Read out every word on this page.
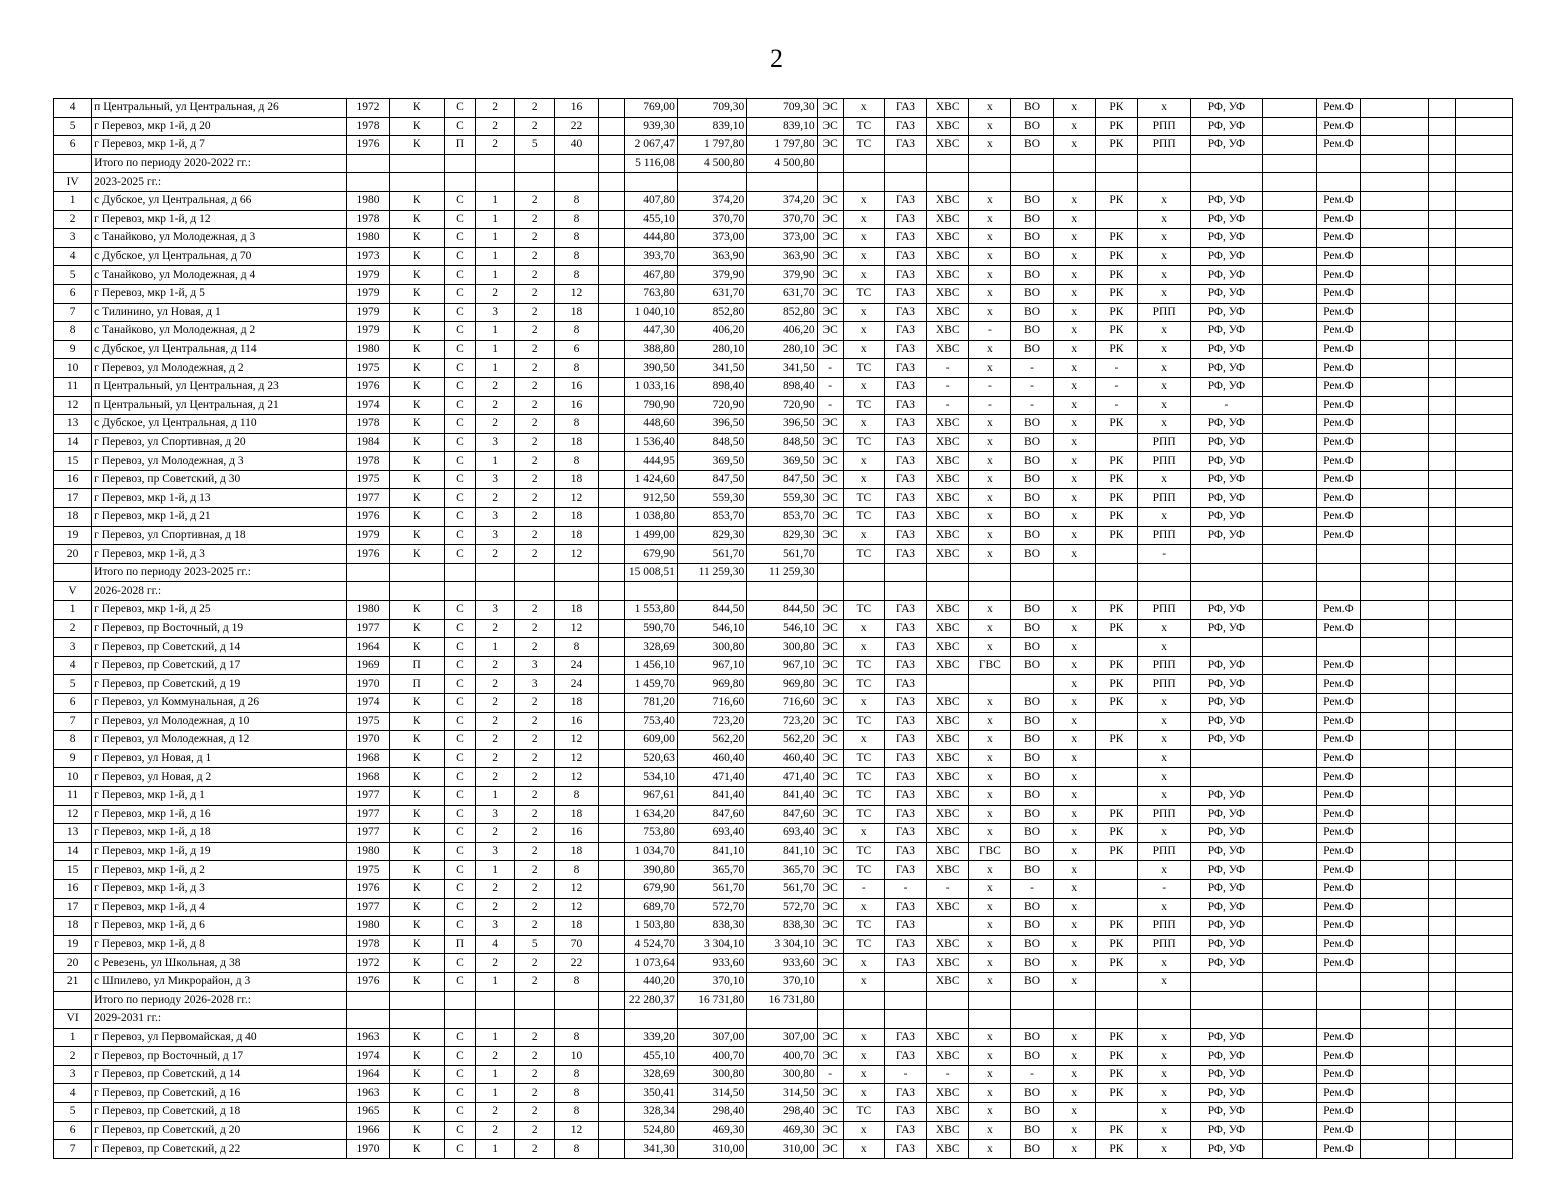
2
4	п Центральный, ул Центральная, д 26	1972	К	С	2	2	16		769,00	709,30	709,30	ЭС	х	ГАЗ	ХВС	х	ВО	х	РК	х	РФ, УФ		Рем.Ф			
5	г Перевоз, мкр 1-й, д 20	1978	К	С	2	2	22		939,30	839,10	839,10	ЭС	ТС	ГАЗ	ХВС	х	ВО	х	РК	РПП	РФ, УФ		Рем.Ф			
6	г Перевоз, мкр 1-й, д 7	1976	К	П	2	5	40		2 067,47	1 797,80	1 797,80	ЭС	ТС	ГАЗ	ХВС	х	ВО	х	РК	РПП	РФ, УФ		Рем.Ф			
	Итого по периоду 2020-2022 гг.:								5 116,08	4 500,80	4 500,80															
IV	2023-2025 гг.:																									
1	с Дубское, ул Центральная, д 66	1980	К	С	1	2	8		407,80	374,20	374,20	ЭС	х	ГАЗ	ХВС	х	ВО	х	РК	х	РФ, УФ		Рем.Ф			
2	г Перевоз, мкр 1-й, д 12	1978	К	С	1	2	8		455,10	370,70	370,70	ЭС	х	ГАЗ	ХВС	х	ВО	х		х	РФ, УФ		Рем.Ф			
3	с Танайково, ул Молодежная, д 3	1980	К	С	1	2	8		444,80	373,00	373,00	ЭС	х	ГАЗ	ХВС	х	ВО	х	РК	х	РФ, УФ		Рем.Ф			
4	с Дубское, ул Центральная, д 70	1973	К	С	1	2	8		393,70	363,90	363,90	ЭС	х	ГАЗ	ХВС	х	ВО	х	РК	х	РФ, УФ		Рем.Ф			
5	с Танайково, ул Молодежная, д 4	1979	К	С	1	2	8		467,80	379,90	379,90	ЭС	х	ГАЗ	ХВС	х	ВО	х	РК	х	РФ, УФ		Рем.Ф			
6	г Перевоз, мкр 1-й, д 5	1979	К	С	2	2	12		763,80	631,70	631,70	ЭС	ТС	ГАЗ	ХВС	х	ВО	х	РК	х	РФ, УФ		Рем.Ф			
7	с Тилинино, ул Новая, д 1	1979	К	С	3	2	18		1 040,10	852,80	852,80	ЭС	х	ГАЗ	ХВС	х	ВО	х	РК	РПП	РФ, УФ		Рем.Ф			
8	с Танайково, ул Молодежная, д 2	1979	К	С	1	2	8		447,30	406,20	406,20	ЭС	х	ГАЗ	ХВС	-	ВО	х	РК	х	РФ, УФ		Рем.Ф			
9	с Дубское, ул Центральная, д 114	1980	К	С	1	2	6		388,80	280,10	280,10	ЭС	х	ГАЗ	ХВС	х	ВО	х	РК	х	РФ, УФ		Рем.Ф			
10	г Перевоз, ул Молодежная, д 2	1975	К	С	1	2	8		390,50	341,50	341,50	-	ТС	ГАЗ	-	х	-	х	-	х	РФ, УФ		Рем.Ф			
11	п Центральный, ул Центральная, д 23	1976	К	С	2	2	16		1 033,16	898,40	898,40	-	х	ГАЗ	-	-	-	х	-	х	РФ, УФ		Рем.Ф			
12	п Центральный, ул Центральная, д 21	1974	К	С	2	2	16		790,90	720,90	720,90	-	ТС	ГАЗ	-	-	-	х	-	х	-		Рем.Ф			
13	с Дубское, ул Центральная, д 110	1978	К	С	2	2	8		448,60	396,50	396,50	ЭС	х	ГАЗ	ХВС	х	ВО	х	РК	х	РФ, УФ		Рем.Ф			
14	г Перевоз, ул Спортивная, д 20	1984	К	С	3	2	18		1 536,40	848,50	848,50	ЭС	ТС	ГАЗ	ХВС	х	ВО	х		РПП	РФ, УФ		Рем.Ф			
15	г Перевоз, ул Молодежная, д 3	1978	К	С	1	2	8		444,95	369,50	369,50	ЭС	х	ГАЗ	ХВС	х	ВО	х	РК	РПП	РФ, УФ		Рем.Ф			
16	г Перевоз, пр Советский, д 30	1975	К	С	3	2	18		1 424,60	847,50	847,50	ЭС	х	ГАЗ	ХВС	х	ВО	х	РК	х	РФ, УФ		Рем.Ф			
17	г Перевоз, мкр 1-й, д 13	1977	К	С	2	2	12		912,50	559,30	559,30	ЭС	ТС	ГАЗ	ХВС	х	ВО	х	РК	РПП	РФ, УФ		Рем.Ф			
18	г Перевоз, мкр 1-й, д 21	1976	К	С	3	2	18		1 038,80	853,70	853,70	ЭС	ТС	ГАЗ	ХВС	х	ВО	х	РК	х	РФ, УФ		Рем.Ф			
19	г Перевоз, ул Спортивная, д 18	1979	К	С	3	2	18		1 499,00	829,30	829,30	ЭС	х	ГАЗ	ХВС	х	ВО	х	РК	РПП	РФ, УФ		Рем.Ф			
20	г Перевоз, мкр 1-й, д 3	1976	К	С	2	2	12		679,90	561,70	561,70		ТС	ГАЗ	ХВС	х	ВО	х		-						
	Итого по периоду 2023-2025 гг.:								15 008,51	11 259,30	11 259,30															
V	2026-2028 гг.:																									
1	г Перевоз, мкр 1-й, д 25	1980	К	С	3	2	18		1 553,80	844,50	844,50	ЭС	ТС	ГАЗ	ХВС	х	ВО	х	РК	РПП	РФ, УФ		Рем.Ф			
2	г Перевоз, пр Восточный, д 19	1977	К	С	2	2	12		590,70	546,10	546,10	ЭС	х	ГАЗ	ХВС	х	ВО	х	РК	х	РФ, УФ		Рем.Ф			
3	г Перевоз, пр Советский, д 14	1964	К	С	1	2	8		328,69	300,80	300,80	ЭС	х	ГАЗ	ХВС	х	ВО	х		х						
4	г Перевоз, пр Советский, д 17	1969	П	С	2	3	24		1 456,10	967,10	967,10	ЭС	ТС	ГАЗ	ХВС	ГВС	ВО	х	РК	РПП	РФ, УФ		Рем.Ф			
5	г Перевоз, пр Советский, д 19	1970	П	С	2	3	24		1 459,70	969,80	969,80	ЭС	ТС	ГАЗ				х	РК	РПП	РФ, УФ		Рем.Ф			
6	г Перевоз, ул Коммунальная, д 26	1974	К	С	2	2	18		781,20	716,60	716,60	ЭС	х	ГАЗ	ХВС	х	ВО	х	РК	х	РФ, УФ		Рем.Ф			
7	г Перевоз, ул Молодежная, д 10	1975	К	С	2	2	16		753,40	723,20	723,20	ЭС	ТС	ГАЗ	ХВС	х	ВО	х		х	РФ, УФ		Рем.Ф			
8	г Перевоз, ул Молодежная, д 12	1970	К	С	2	2	12		609,00	562,20	562,20	ЭС	х	ГАЗ	ХВС	х	ВО	х	РК	х	РФ, УФ		Рем.Ф			
9	г Перевоз, ул Новая, д 1	1968	К	С	2	2	12		520,63	460,40	460,40	ЭС	ТС	ГАЗ	ХВС	х	ВО	х		х			Рем.Ф			
10	г Перевоз, ул Новая, д 2	1968	К	С	2	2	12		534,10	471,40	471,40	ЭС	ТС	ГАЗ	ХВС	х	ВО	х		х			Рем.Ф			
11	г Перевоз, мкр 1-й, д 1	1977	К	С	1	2	8		967,61	841,40	841,40	ЭС	ТС	ГАЗ	ХВС	х	ВО	х		х	РФ, УФ		Рем.Ф			
12	г Перевоз, мкр 1-й, д 16	1977	К	С	3	2	18		1 634,20	847,60	847,60	ЭС	ТС	ГАЗ	ХВС	х	ВО	х	РК	РПП	РФ, УФ		Рем.Ф			
13	г Перевоз, мкр 1-й, д 18	1977	К	С	2	2	16		753,80	693,40	693,40	ЭС	х	ГАЗ	ХВС	х	ВО	х	РК	х	РФ, УФ		Рем.Ф			
14	г Перевоз, мкр 1-й, д 19	1980	К	С	3	2	18		1 034,70	841,10	841,10	ЭС	ТС	ГАЗ	ХВС	ГВС	ВО	х	РК	РПП	РФ, УФ		Рем.Ф			
15	г Перевоз, мкр 1-й, д 2	1975	К	С	1	2	8		390,80	365,70	365,70	ЭС	ТС	ГАЗ	ХВС	х	ВО	х		х	РФ, УФ		Рем.Ф			
16	г Перевоз, мкр 1-й, д 3	1976	К	С	2	2	12		679,90	561,70	561,70	ЭС	-	-	-	х	-	х		-	РФ, УФ		Рем.Ф			
17	г Перевоз, мкр 1-й, д 4	1977	К	С	2	2	12		689,70	572,70	572,70	ЭС	х	ГАЗ	ХВС	х	ВО	х		х	РФ, УФ		Рем.Ф			
18	г Перевоз, мкр 1-й, д 6	1980	К	С	3	2	18		1 503,80	838,30	838,30	ЭС	ТС	ГАЗ		х	ВО	х	РК	РПП	РФ, УФ		Рем.Ф			
19	г Перевоз, мкр 1-й, д 8	1978	К	П	4	5	70		4 524,70	3 304,10	3 304,10	ЭС	ТС	ГАЗ	ХВС	х	ВО	х	РК	РПП	РФ, УФ		Рем.Ф			
20	с Ревезень, ул Школьная, д 38	1972	К	С	2	2	22		1 073,64	933,60	933,60	ЭС	х	ГАЗ	ХВС	х	ВО	х	РК	х	РФ, УФ		Рем.Ф			
21	с Шпилево, ул Микрорайон, д 3	1976	К	С	1	2	8		440,20	370,10	370,10		х		ХВС	х	ВО	х		х						
	Итого по периоду 2026-2028 гг.:								22 280,37	16 731,80	16 731,80															
VI	2029-2031 гг.:																									
1	г Перевоз, ул Первомайская, д 40	1963	К	С	1	2	8		339,20	307,00	307,00	ЭС	х	ГАЗ	ХВС	х	ВО	х	РК	х	РФ, УФ		Рем.Ф			
2	г Перевоз, пр Восточный, д 17	1974	К	С	2	2	10		455,10	400,70	400,70	ЭС	х	ГАЗ	ХВС	х	ВО	х	РК	х	РФ, УФ		Рем.Ф			
3	г Перевоз, пр Советский, д 14	1964	К	С	1	2	8		328,69	300,80	300,80	-	х	-	-	х	-	х	РК	х	РФ, УФ		Рем.Ф			
4	г Перевоз, пр Советский, д 16	1963	К	С	1	2	8		350,41	314,50	314,50	ЭС	х	ГАЗ	ХВС	х	ВО	х	РК	х	РФ, УФ		Рем.Ф			
5	г Перевоз, пр Советский, д 18	1965	К	С	2	2	8		328,34	298,40	298,40	ЭС	ТС	ГАЗ	ХВС	х	ВО	х		х	РФ, УФ		Рем.Ф			
6	г Перевоз, пр Советский, д 20	1966	К	С	2	2	12		524,80	469,30	469,30	ЭС	х	ГАЗ	ХВС	х	ВО	х	РК	х	РФ, УФ		Рем.Ф			
7	г Перевоз, пр Советский, д 22	1970	К	С	1	2	8		341,30	310,00	310,00	ЭС	х	ГАЗ	ХВС	х	ВО	х	РК	х	РФ, УФ		Рем.Ф			
